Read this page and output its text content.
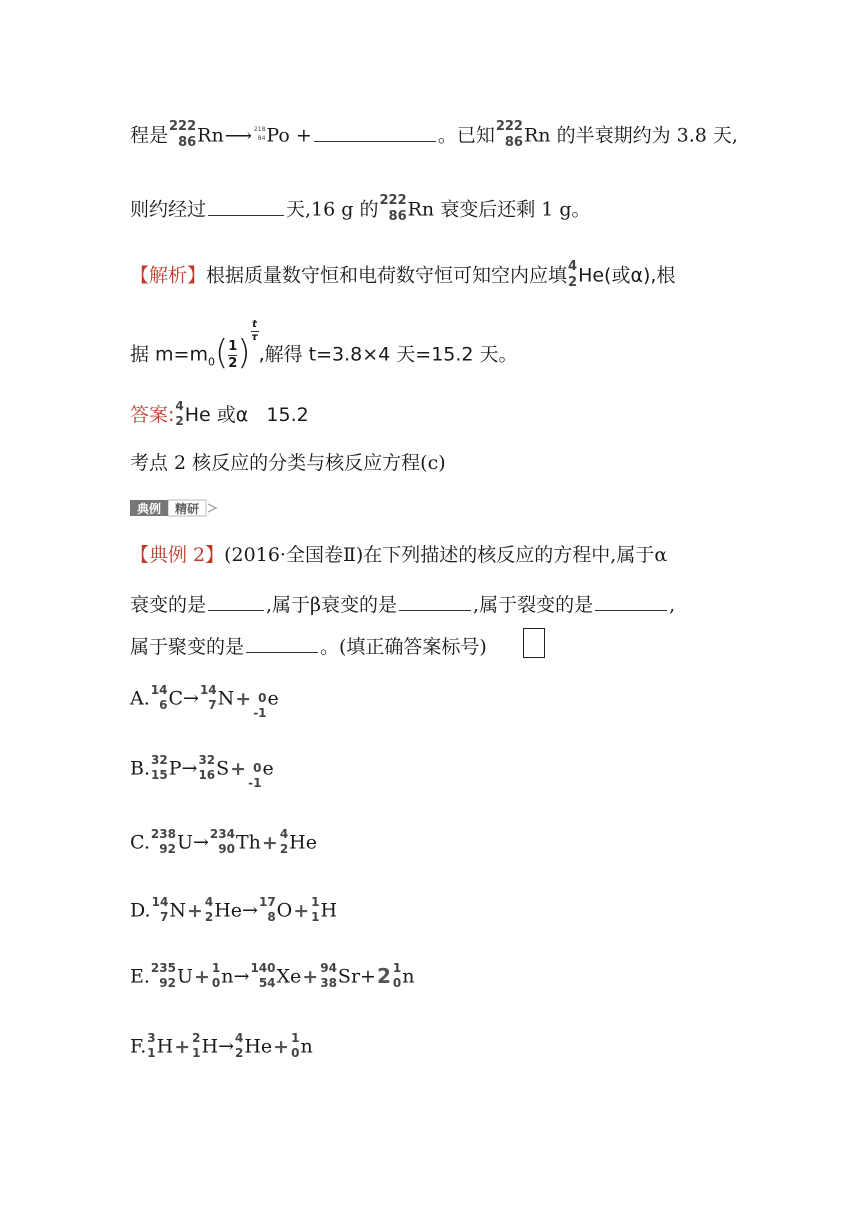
程是 222
86 Rn⟶ 218
84 Po +	。已知 222
86 Rn 的半衰期约为 3.8 天,
则约经过	天,16 g 的 222
86 Rn 衰变后还剩 1 g。
【解析】根据质量数守恒和电荷数守恒可知空内应填 4
2 He(或α),根
据 $m=m_0( \frac{1}{2}$ )
$\frac{t}{\tau}$
,解得 t=3.8×4 天=15.2 天。
答案: 4
2 He 或α   15.2
考点 2 核反应的分类与核反应方程(c)
典例 精研
【典例 2】(2016·全国卷Ⅱ)在下列描述的核反应的方程中,属于α
衰变的是	,属于β衰变的是	,属于裂变的是	,
属于聚变的是	。(填正确答案标号)
A. 14
6 C→ 14
7 N+ 0
-1
e
B. 32
15 P→ 32
16 S+ 0
-1
e
C. 238
92 U→ 234
90 Th+ 4
2 He
D. 14
7 N+ 4
2 He→ 17
8 O+ 1
1 H
E. 235
92 U+ 1
0 n→ 140
54 Xe+ 94
38 Sr+2 1
0 n
F. 3
1 H+ 2
1 H→ 4
2 He+ 1
0 n
